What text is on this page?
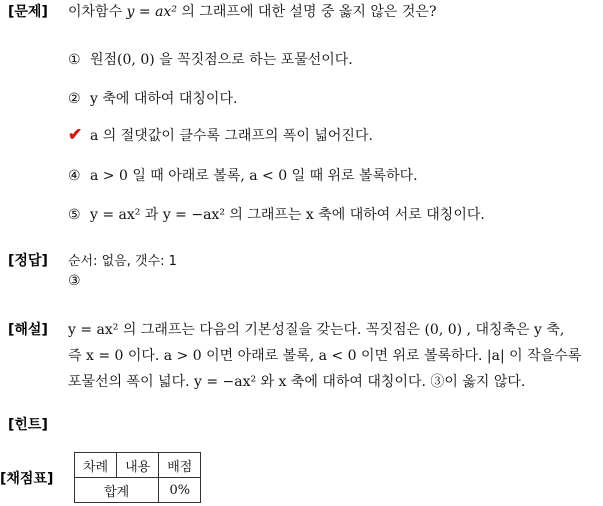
[문제] 이차함수 y = ax² 의 그래프에 대한 설명 중 옳지 않은 것은?
① 원점(0, 0) 을 꼭짓점으로 하는 포물선이다.
② y 축에 대하여 대칭이다.
✔ a 의 절댓값이 클수록 그래프의 폭이 넓어진다.
④ a > 0 일 때 아래로 볼록, a < 0 일 때 위로 볼록하다.
⑤ y = ax² 과 y = −ax² 의 그래프는 x 축에 대하여 서로 대칭이다.
[정답] 순서: 없음, 갯수: 1
③
[해설] y = ax² 의 그래프는 다음의 기본성질을 갖는다. 꼭짓점은 (0, 0) , 대칭축은 y 축,
즉 x = 0 이다. a > 0 이면 아래로 볼록, a < 0 이면 위로 볼록하다. |a| 이 작을수록
포물선의 폭이 넓다. y = −ax² 와 x 축에 대하여 대칭이다. ③이 옳지 않다.
[힌트]
[채점표]
차례	내용	배점
합계		0%
